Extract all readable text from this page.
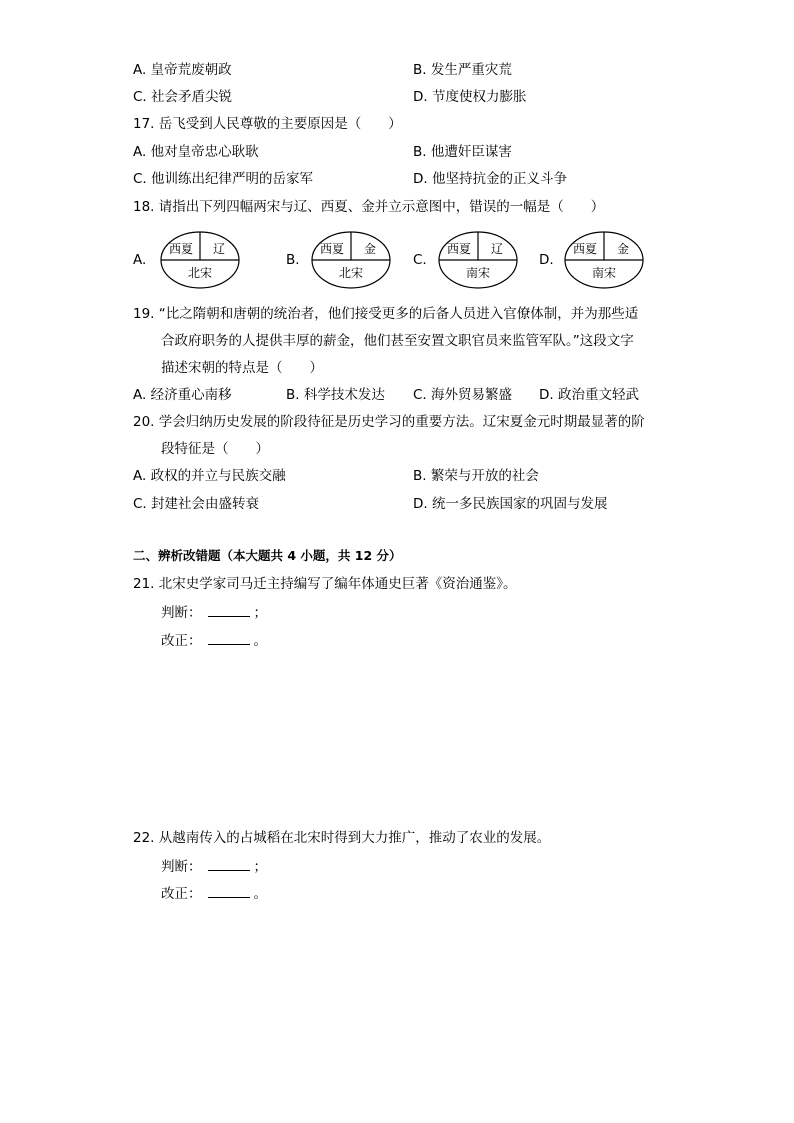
A. 皇帝荒废朝政	B. 发生严重灾荒
C. 社会矛盾尖锐	D. 节度使权力膨胀
17. 岳飞受到人民尊敬的主要原因是（　　）
A. 他对皇帝忠心耿耿	B. 他遭奸臣谋害
C. 他训练出纪律严明的岳家军	D. 他坚持抗金的正义斗争
18. 请指出下列四幅两宋与辽、西夏、金并立示意图中，错误的一幅是（　　）
A.
西夏 辽
北宋
B.
西夏 金
北宋
C.
西夏 辽
南宋
D.
西夏 金
南宋
19. “比之隋朝和唐朝的统治者，他们接受更多的后备人员进入官僚体制，并为那些适
合政府职务的人提供丰厚的薪金，他们甚至安置文职官员来监管军队。”这段文字
描述宋朝的特点是（　　）
A. 经济重心南移	B. 科学技术发达 C. 海外贸易繁盛 D. 政治重文轻武
20. 学会归纳历史发展的阶段待征是历史学习的重要方法。辽宋夏金元时期最显著的阶
段特征是（　　）
A. 政权的并立与民族交融	B. 繁荣与开放的社会
C. 封建社会由盛转衰	D. 统一多民族国家的巩固与发展
二、辨析改错题（本大题共 4 小题，共 12 分）
21. 北宋史学家司马迁主持编写了编年体通史巨著《资治通鉴》。
判断：	；
改正：	。
22. 从越南传入的占城稻在北宋时得到大力推广，推动了农业的发展。
判断：	；
改正：	。
